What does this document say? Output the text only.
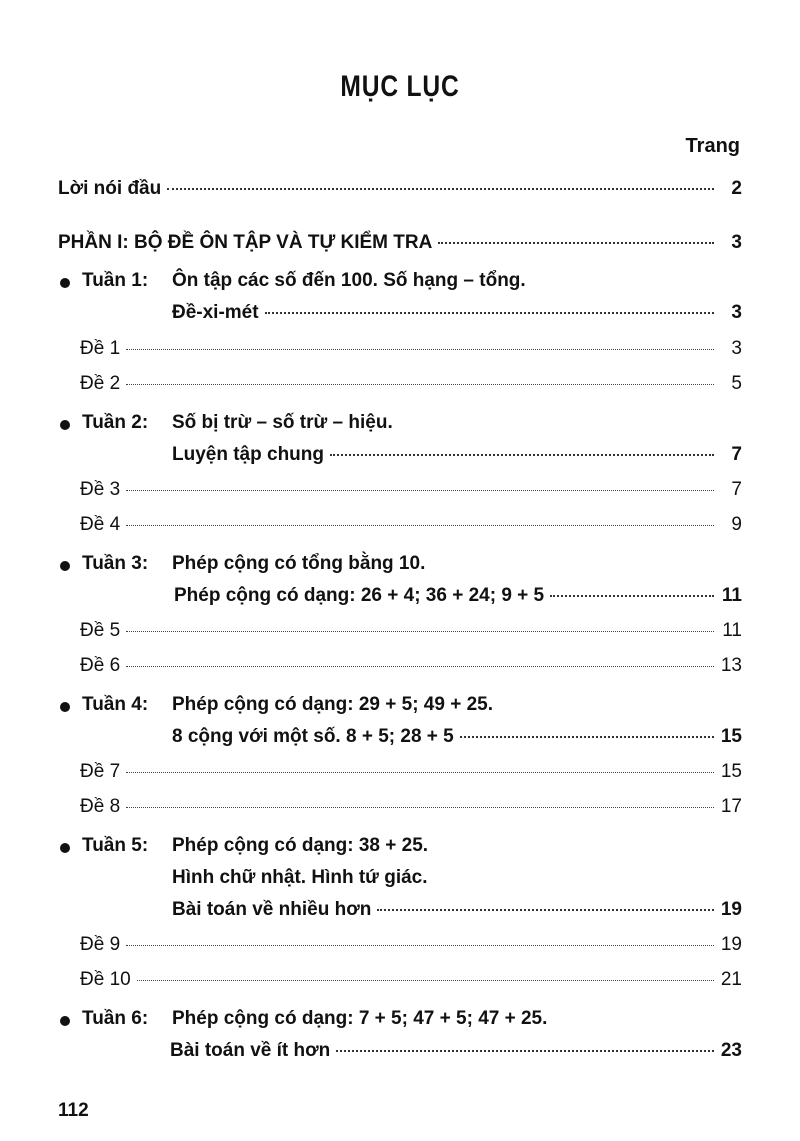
MỤC LỤC
Trang
Lời nói đầu	2
PHẦN I: BỘ ĐỀ ÔN TẬP VÀ TỰ KIỂM TRA	3
Tuần 1: Ôn tập các số đến 100. Số hạng – tổng.
Đề-xi-mét	3
Đề 1	3
Đề 2	5
Tuần 2: Số bị trừ – số trừ – hiệu.
Luyện tập chung	7
Đề 3	7
Đề 4	9
Tuần 3: Phép cộng có tổng bằng 10.
Phép cộng có dạng: 26 + 4; 36 + 24; 9 + 5	11
Đề 5	11
Đề 6	13
Tuần 4: Phép cộng có dạng: 29 + 5; 49 + 25.
8 cộng với một số. 8 + 5; 28 + 5	15
Đề 7	15
Đề 8	17
Tuần 5: Phép cộng có dạng: 38 + 25.
Hình chữ nhật. Hình tứ giác.
Bài toán về nhiều hơn	19
Đề 9	19
Đề 10	21
Tuần 6: Phép cộng có dạng: 7 + 5; 47 + 5; 47 + 25.
Bài toán về ít hơn	23
112
